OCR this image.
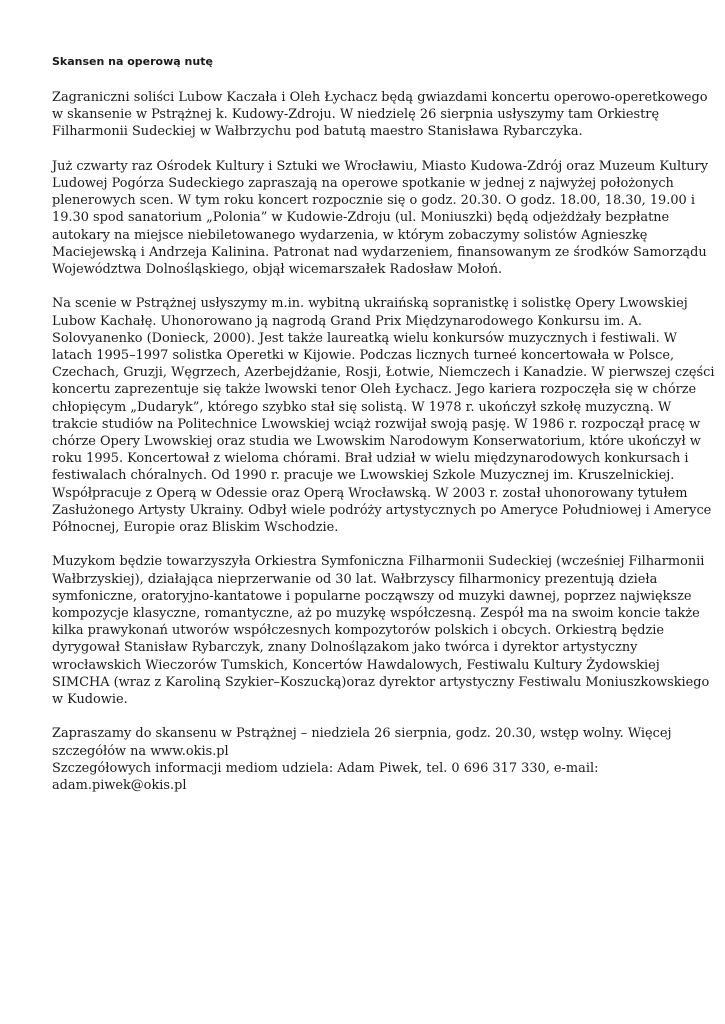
Skansen na operową nutę
Zagraniczni soliści Lubow Kaczała i Oleh Łychacz będą gwiazdami koncertu operowo-operetkowego
w skansenie w Pstrążnej k. Kudowy-Zdroju. W niedzielę 26 sierpnia usłyszymy tam Orkiestrę
Filharmonii Sudeckiej w Wałbrzychu pod batutą maestro Stanisława Rybarczyka.
Już czwarty raz Ośrodek Kultury i Sztuki we Wrocławiu, Miasto Kudowa-Zdrój oraz Muzeum Kultury
Ludowej Pogórza Sudeckiego zapraszają na operowe spotkanie w jednej z najwyżej położonych
plenerowych scen. W tym roku koncert rozpocznie się o godz. 20.30. O godz. 18.00, 18.30, 19.00 i
19.30 spod sanatorium „Polonia” w Kudowie-Zdroju (ul. Moniuszki) będą odjeżdżały bezpłatne
autokary na miejsce niebiletowanego wydarzenia, w którym zobaczymy solistów Agnieszkę
Maciejewską i Andrzeja Kalinina. Patronat nad wydarzeniem, finansowanym ze środków Samorządu
Województwa Dolnośląskiego, objął wicemarszałek Radosław Mołoń.
Na scenie w Pstrążnej usłyszymy m.in. wybitną ukraińską sopranistkę i solistkę Opery Lwowskiej
Lubow Kachałę. Uhonorowano ją nagrodą Grand Prix Międzynarodowego Konkursu im. A.
Solovyanenko (Donieck, 2000). Jest także laureatką wielu konkursów muzycznych i festiwali. W
latach 1995–1997 solistka Operetki w Kijowie. Podczas licznych turneé koncertowała w Polsce,
Czechach, Gruzji, Węgrzech, Azerbejdżanie, Rosji, Łotwie, Niemczech i Kanadzie. W pierwszej części
koncertu zaprezentuje się także lwowski tenor Oleh Łychacz. Jego kariera rozpoczęła się w chórze
chłopięcym „Dudaryk”, którego szybko stał się solistą. W 1978 r. ukończył szkołę muzyczną. W
trakcie studiów na Politechnice Lwowskiej wciąż rozwijał swoją pasję. W 1986 r. rozpoczął pracę w
chórze Opery Lwowskiej oraz studia we Lwowskim Narodowym Konserwatorium, które ukończył w
roku 1995. Koncertował z wieloma chórami. Brał udział w wielu międzynarodowych konkursach i
festiwalach chóralnych. Od 1990 r. pracuje we Lwowskiej Szkole Muzycznej im. Kruszelnickiej.
Współpracuje z Operą w Odessie oraz Operą Wrocławską. W 2003 r. został uhonorowany tytułem
Zasłużonego Artysty Ukrainy. Odbył wiele podróży artystycznych po Ameryce Południowej i Ameryce
Północnej, Europie oraz Bliskim Wschodzie.
Muzykom będzie towarzyszyła Orkiestra Symfoniczna Filharmonii Sudeckiej (wcześniej Filharmonii
Wałbrzyskiej), działająca nieprzerwanie od 30 lat. Wałbrzyscy filharmonicy prezentują dzieła
symfoniczne, oratoryjno-kantatowe i popularne począwszy od muzyki dawnej, poprzez największe
kompozycje klasyczne, romantyczne, aż po muzykę współczesną. Zespół ma na swoim koncie także
kilka prawykonań utworów współczesnych kompozytorów polskich i obcych. Orkiestrą będzie
dyrygował Stanisław Rybarczyk, znany Dolnoślązakom jako twórca i dyrektor artystyczny
wrocławskich Wieczorów Tumskich, Koncertów Hawdalowych, Festiwalu Kultury Żydowskiej
SIMCHA (wraz z Karoliną Szykier–Koszucką)oraz dyrektor artystyczny Festiwalu Moniuszkowskiego
w Kudowie.
Zapraszamy do skansenu w Pstrążnej – niedziela 26 sierpnia, godz. 20.30, wstęp wolny. Więcej
szczegółów na www.okis.pl
Szczegółowych informacji mediom udziela: Adam Piwek, tel. 0 696 317 330, e-mail:
adam.piwek@okis.pl
